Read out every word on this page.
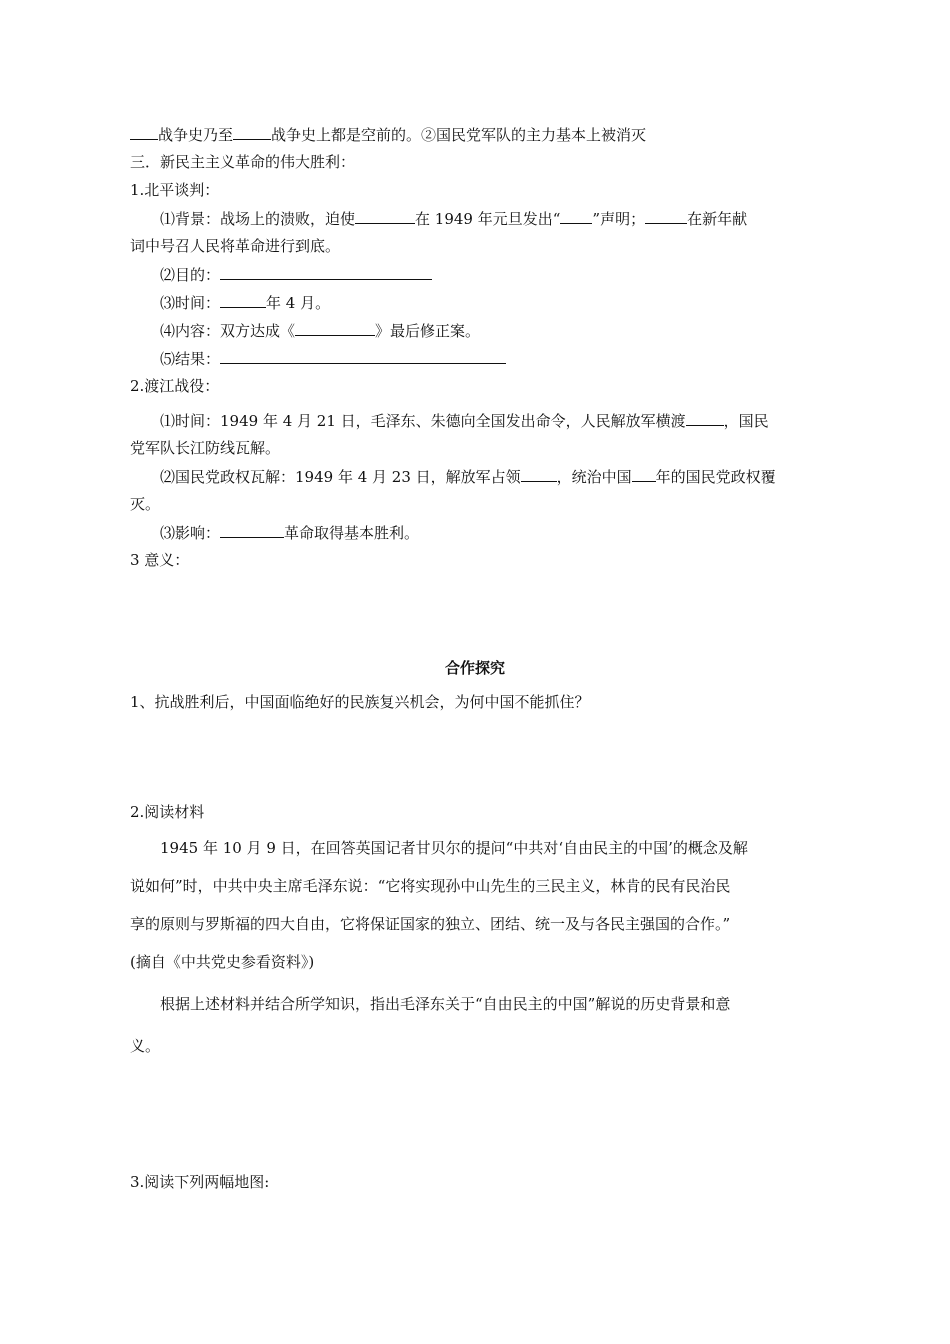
战争史乃至	战争史上都是空前的。②国民党军队的主力基本上被消灭
三．新民主主义革命的伟大胜利：
1.北平谈判：
⑴背景：战场上的溃败，迫使	在 1949 年元旦发出“ ”声明；	在新年献
词中号召人民将革命进行到底。
⑵目的：
⑶时间：	年 4 月。
⑷内容：双方达成《	》最后修正案。
⑸结果：
2.渡江战役：
⑴时间：1949 年 4 月 21 日，毛泽东、朱德向全国发出命令，人民解放军横渡	，国民
党军队长江防线瓦解。
⑵国民党政权瓦解：1949 年 4 月 23 日，解放军占领 ，统治中国 年的国民党政权覆
灭。
⑶影响：	革命取得基本胜利。
3 意义：
合作探究
1、抗战胜利后，中国面临绝好的民族复兴机会，为何中国不能抓住？
2.阅读材料
1945 年 10 月 9 日，在回答英国记者甘贝尔的提问“中共对‘自由民主的中国’的概念及解
说如何”时，中共中央主席毛泽东说：“它将实现孙中山先生的三民主义，林肯的民有民治民
享的原则与罗斯福的四大自由，它将保证国家的独立、团结、统一及与各民主强国的合作。”
(摘自《中共党史参看资料》)
根据上述材料并结合所学知识，指出毛泽东关于“自由民主的中国”解说的历史背景和意
义。
3.阅读下列两幅地图:
